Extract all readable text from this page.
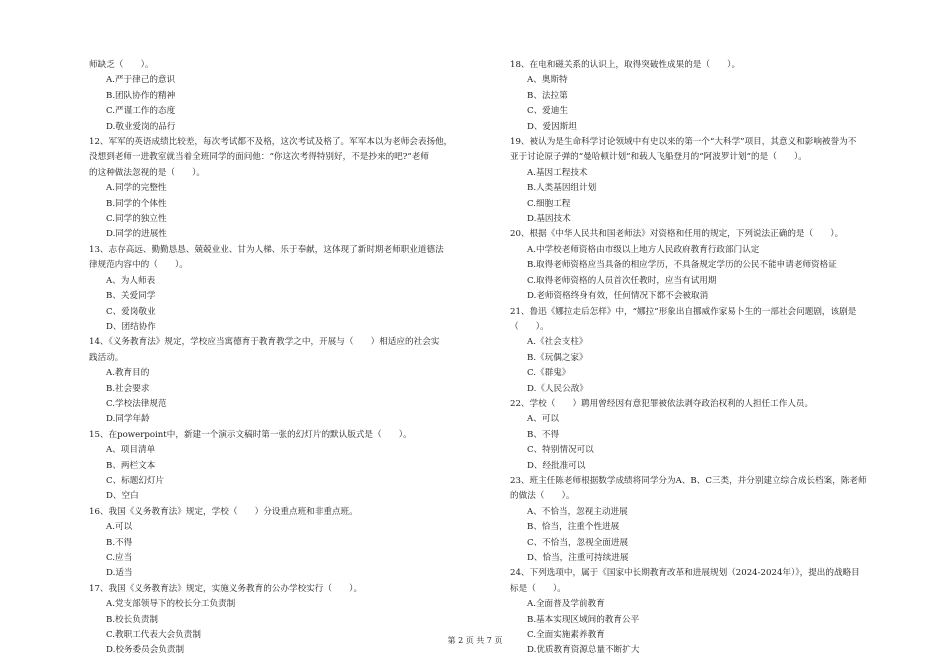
师缺乏（　　）。
A.严于律己的意识
B.团队协作的精神
C.严谨工作的态度
D.敬业爱岗的品行
12、军军的英语成绩比较差，每次考试都不及格，这次考试及格了。军军本以为老师会表扬他，
没想到老师一进教室就当着全班同学的面问他：“你这次考得特别好，不是抄来的吧?”老师
的这种做法忽视的是（　　）。
A.同学的完整性
B.同学的个体性
C.同学的独立性
D.同学的进展性
13、志存高远、勤勤恳恳、兢兢业业、甘为人梯、乐于奉献，这体现了新时期老师职业道德法
律规范内容中的（　　）。
A、为人师表
B、关爱同学
C、爱岗敬业
D、团结协作
14、《义务教育法》规定，学校应当寓德育于教育教学之中，开展与（　　）相适应的社会实
践活动。
A.教育目的
B.社会要求
C.学校法律规范
D.同学年龄
15、在powerpoint中，新建一个演示文稿时第一张的幻灯片的默认版式是（　　）。
A、项目清单
B、两栏文本
C、标题幻灯片
D、空白
16、我国《义务教育法》规定，学校（　　）分设重点班和非重点班。
A.可以
B.不得
C.应当
D.适当
17、我国《义务教育法》规定，实施义务教育的公办学校实行（　　）。
A.党支部领导下的校长分工负责制
B.校长负责制
C.教职工代表大会负责制
D.校务委员会负责制
18、在电和磁关系的认识上，取得突破性成果的是（　　）。
A、奥斯特
B、法拉第
C、爱迪生
D、爱因斯坦
19、被认为是生命科学讨论领域中有史以来的第一个“大科学”项目，其意义和影响被誉为不
亚于讨论原子弹的“曼哈顿计划”和载人飞船登月的“阿波罗计划”的是（　　）。
A.基因工程技术
B.人类基因组计划
C.细胞工程
D.基因技术
20、根据《中华人民共和国老师法》对资格和任用的规定，下列说法正确的是（　　）。
A.中学校老师资格由市级以上地方人民政府教育行政部门认定
B.取得老师资格应当具备的相应学历，不具备规定学历的公民不能申请老师资格证
C.取得老师资格的人员首次任教时，应当有试用期
D.老师资格终身有效，任何情况下都不会被取消
21、鲁迅《娜拉走后怎样》中，“娜拉”形象出自挪威作家易卜生的一部社会问题剧，该剧是
（　　）。
A.《社会支柱》
B.《玩偶之家》
C.《群鬼》
D.《人民公敌》
22、学校（　　）聘用曾经因有意犯罪被依法剥夺政治权利的人担任工作人员。
A、可以
B、不得
C、特别情况可以
D、经批准可以
23、班主任陈老师根据数学成绩将同学分为A、B、C三类，并分别建立综合成长档案，陈老师
的做法（　　）。
A、不恰当，忽视主动进展
B、恰当，注重个性进展
C、不恰当，忽视全面进展
D、恰当，注重可持续进展
24、下列选项中，属于《国家中长期教育改革和进展规划（2024-2024年）》，提出的战略目
标是（　　）。
A.全面普及学前教育
B.基本实现区域间的教育公平
C.全面实施素养教育
D.优质教育资源总量不断扩大
第 2 页 共 7 页
